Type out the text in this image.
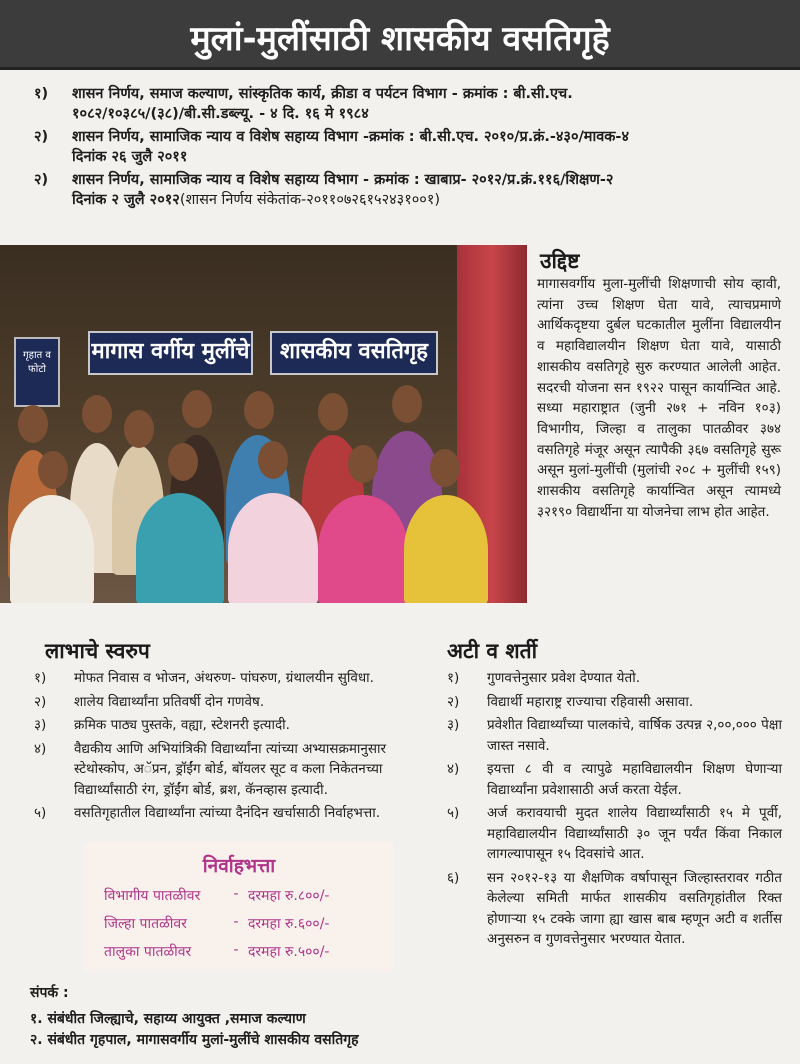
मुलां-मुलींसाठी शासकीय वसतिगृहे
१)	शासन निर्णय, समाज कल्याण, सांस्कृतिक कार्य, क्रीडा व पर्यटन विभाग - क्रमांक : बी.सी.एच.
१०८२/१०३८५/(३८)/बी.सी.डब्ल्यू. - ४ दि. १६ मे १९८४
२)	शासन निर्णय, सामाजिक न्याय व विशेष सहाय्य विभाग -क्रमांक : बी.सी.एच. २०१०/प्र.क्रं.-४३०/मावक-४
दिनांक २६ जुलै २०११
२)	शासन निर्णय, सामाजिक न्याय व विशेष सहाय्य विभाग - क्रमांक : खाबाप्र- २०१२/प्र.क्रं.११६/शिक्षण-२
दिनांक २ जुलै २०१२(शासन निर्णय संकेतांक-२०११०७२६१५२४३१००१)
गृहात व फोटो
मागास वर्गीय मुलींचे	शासकीय वसतिगृह
उद्दिष्ट
मागासवर्गीय मुला-मुलींची शिक्षणाची सोय व्हावी, त्यांना उच्च शिक्षण घेता यावे, त्याचप्रमाणे आर्थिकदृष्टया दुर्बल घटकातील मुलींना विद्यालयीन व महाविद्यालयीन शिक्षण घेता यावे, यासाठी शासकीय वसतिगृहे सुरु करण्यात आलेली आहेत. सदरची योजना सन १९२२ पासून कार्यान्वित आहे. सध्या महाराष्ट्रात (जुनी २७१ + नविन १०३) विभागीय, जिल्हा व तालुका पातळीवर ३७४ वसतिगृहे मंजूर असून त्यापैकी ३६७ वसतिगृहे सुरू असून मुलां-मुलींची (मुलांची २०८ + मुलींची १५९) शासकीय वसतिगृहे कार्यान्वित असून त्यामध्ये ३२१९० विद्यार्थीना या योजनेचा लाभ होत आहेत.
लाभाचे स्वरुप
१)	मोफत निवास व भोजन, अंथरुण- पांघरुण, ग्रंथालयीन सुविधा.
२)	शालेय विद्यार्थ्यांना प्रतिवर्षी दोन गणवेष.
३)	क्रमिक पाठ्य पुस्तके, वह्या, स्टेशनरी इत्यादी.
४)	वैद्यकीय आणि अभियांत्रिकी विद्यार्थ्यांना त्यांच्या अभ्यासक्रमानुसार स्टेथोस्कोप, अॅप्रन, ड्रॉईंग बोर्ड, बॉयलर सूट व कला निकेतनच्या विद्यार्थ्यांसाठी रंग, ड्रॉईंग बोर्ड, ब्रश, कॅनव्हास इत्यादी.
५)	वसतिगृहातील विद्यार्थ्यांना त्यांच्या दैनंदिन खर्चासाठी निर्वाहभत्ता.
निर्वाहभत्ता
विभागीय पातळीवर	- दरमहा रु.८००/-
जिल्हा पातळीवर	- दरमहा रु.६००/-
तालुका पातळीवर	- दरमहा रु.५००/-
अटी व शर्ती
१)	गुणवत्तेनुसार प्रवेश देण्यात येतो.
२)	विद्यार्थी महाराष्ट्र राज्याचा रहिवासी असावा.
३)	प्रवेशीत विद्यार्थ्यांच्या पालकांचे, वार्षिक उत्पन्न २,००,००० पेक्षा जास्त नसावे.
४)	इयत्ता ८ वी व त्यापुढे महाविद्यालयीन शिक्षण घेणाऱ्या विद्यार्थ्यांना प्रवेशासाठी अर्ज करता येईल.
५)	अर्ज करावयाची मुदत शालेय विद्यार्थ्यांसाठी १५ मे पूर्वी, महाविद्यालयीन विद्यार्थ्यांसाठी ३० जून पर्यंत किंवा निकाल लागल्यापासून १५ दिवसांचे आत.
६)	सन २०१२-१३ या शैक्षणिक वर्षापासून जिल्हास्तरावर गठीत केलेल्या समिती मार्फत शासकीय वसतिगृहांतील रिक्त होणाऱ्या १५ टक्के जागा ह्या खास बाब म्हणून अटी व शर्तीस अनुसरुन व गुणवत्तेनुसार भरण्यात येतात.
संपर्क :
१. संबंधीत जिल्ह्याचे, सहाय्य आयुक्त ,समाज कल्याण
२. संबंधीत गृहपाल, मागासवर्गीय मुलां-मुलींचे शासकीय वसतिगृह
